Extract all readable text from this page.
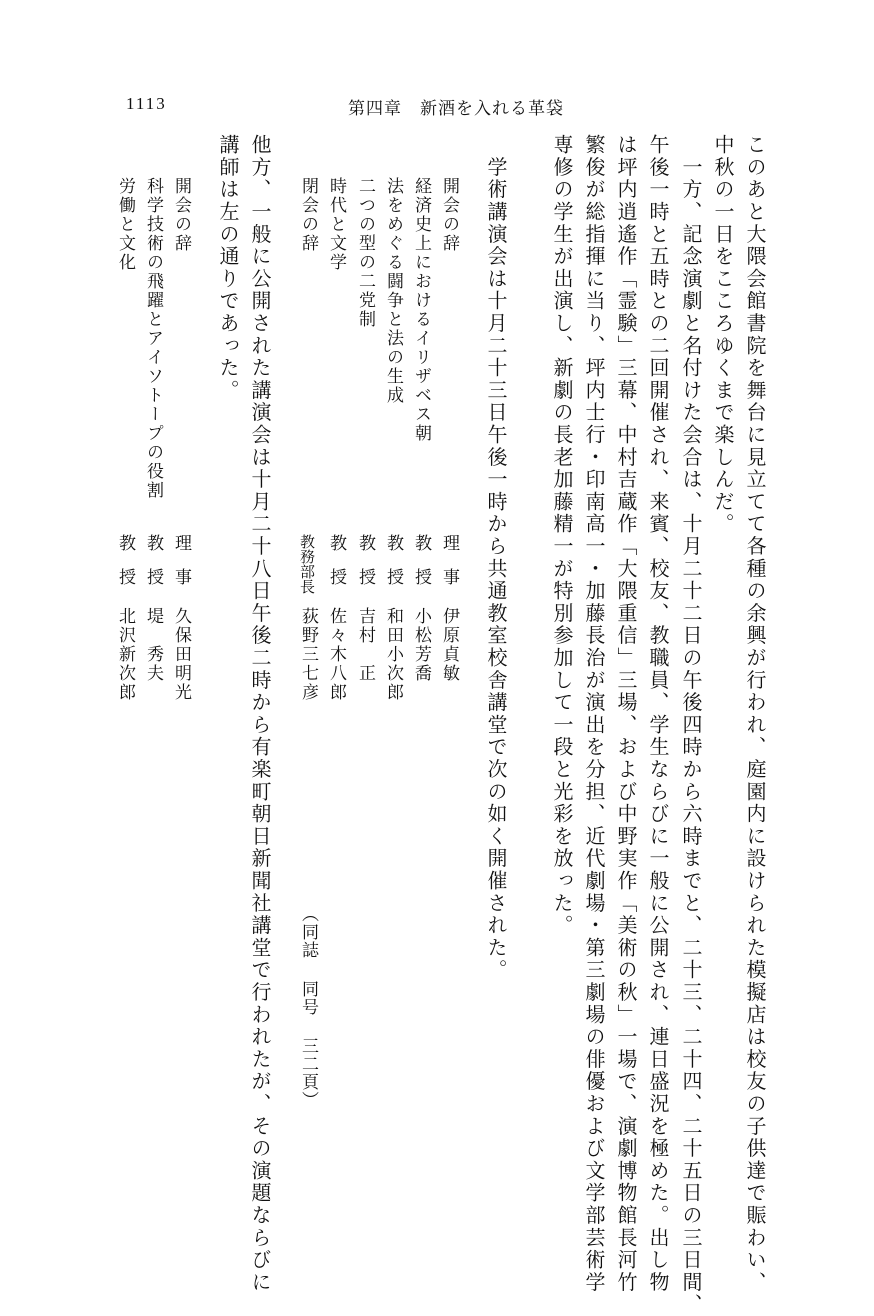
1113	第四章　新酒を入れる革袋
このあと大隈会館書院を舞台に見立てて各種の余興が行われ、庭園内に設けられた模擬店は校友の子供達で賑わい、
中秋の一日をこころゆくまで楽しんだ。
　一方、記念演劇と名付けた会合は、十月二十二日の午後四時から六時までと、二十三、二十四、二十五日の三日間、
午後一時と五時との二回開催され、来賓、校友、教職員、学生ならびに一般に公開され、連日盛況を極めた。出し物
は坪内逍遙作「霊験」三幕、中村吉蔵作「大隈重信」三場、および中野実作「美術の秋」一場で、演劇博物館長河竹
繁俊が総指揮に当り、坪内士行・印南高一・加藤長治が演出を分担、近代劇場・第三劇場の俳優および文学部芸術学
専修の学生が出演し、新劇の長老加藤精一が特別参加して一段と光彩を放った。
　学術講演会は十月二十三日午後一時から共通教室校舎講堂で次の如く開催された。
開会の辞
経済史上におけるイリザベス朝
法をめぐる闘争と法の生成
二つの型の二党制
時代と文学
閉会の辞
理　事
教　授
教　授
教　授
教　授
教務部長
伊原貞敏
小松芳喬
和田小次郎
吉村　正
佐々木八郎
荻野三七彦
（同誌 同号 三二頁）
他方、一般に公開された講演会は十月二十八日午後二時から有楽町朝日新聞社講堂で行われたが、その演題ならびに
講師は左の通りであった。
開会の辞
科学技術の飛躍とアイソトープの役割
労働と文化
理　事
教　授
教　授
久保田明光
堤　秀夫
北沢新次郎
